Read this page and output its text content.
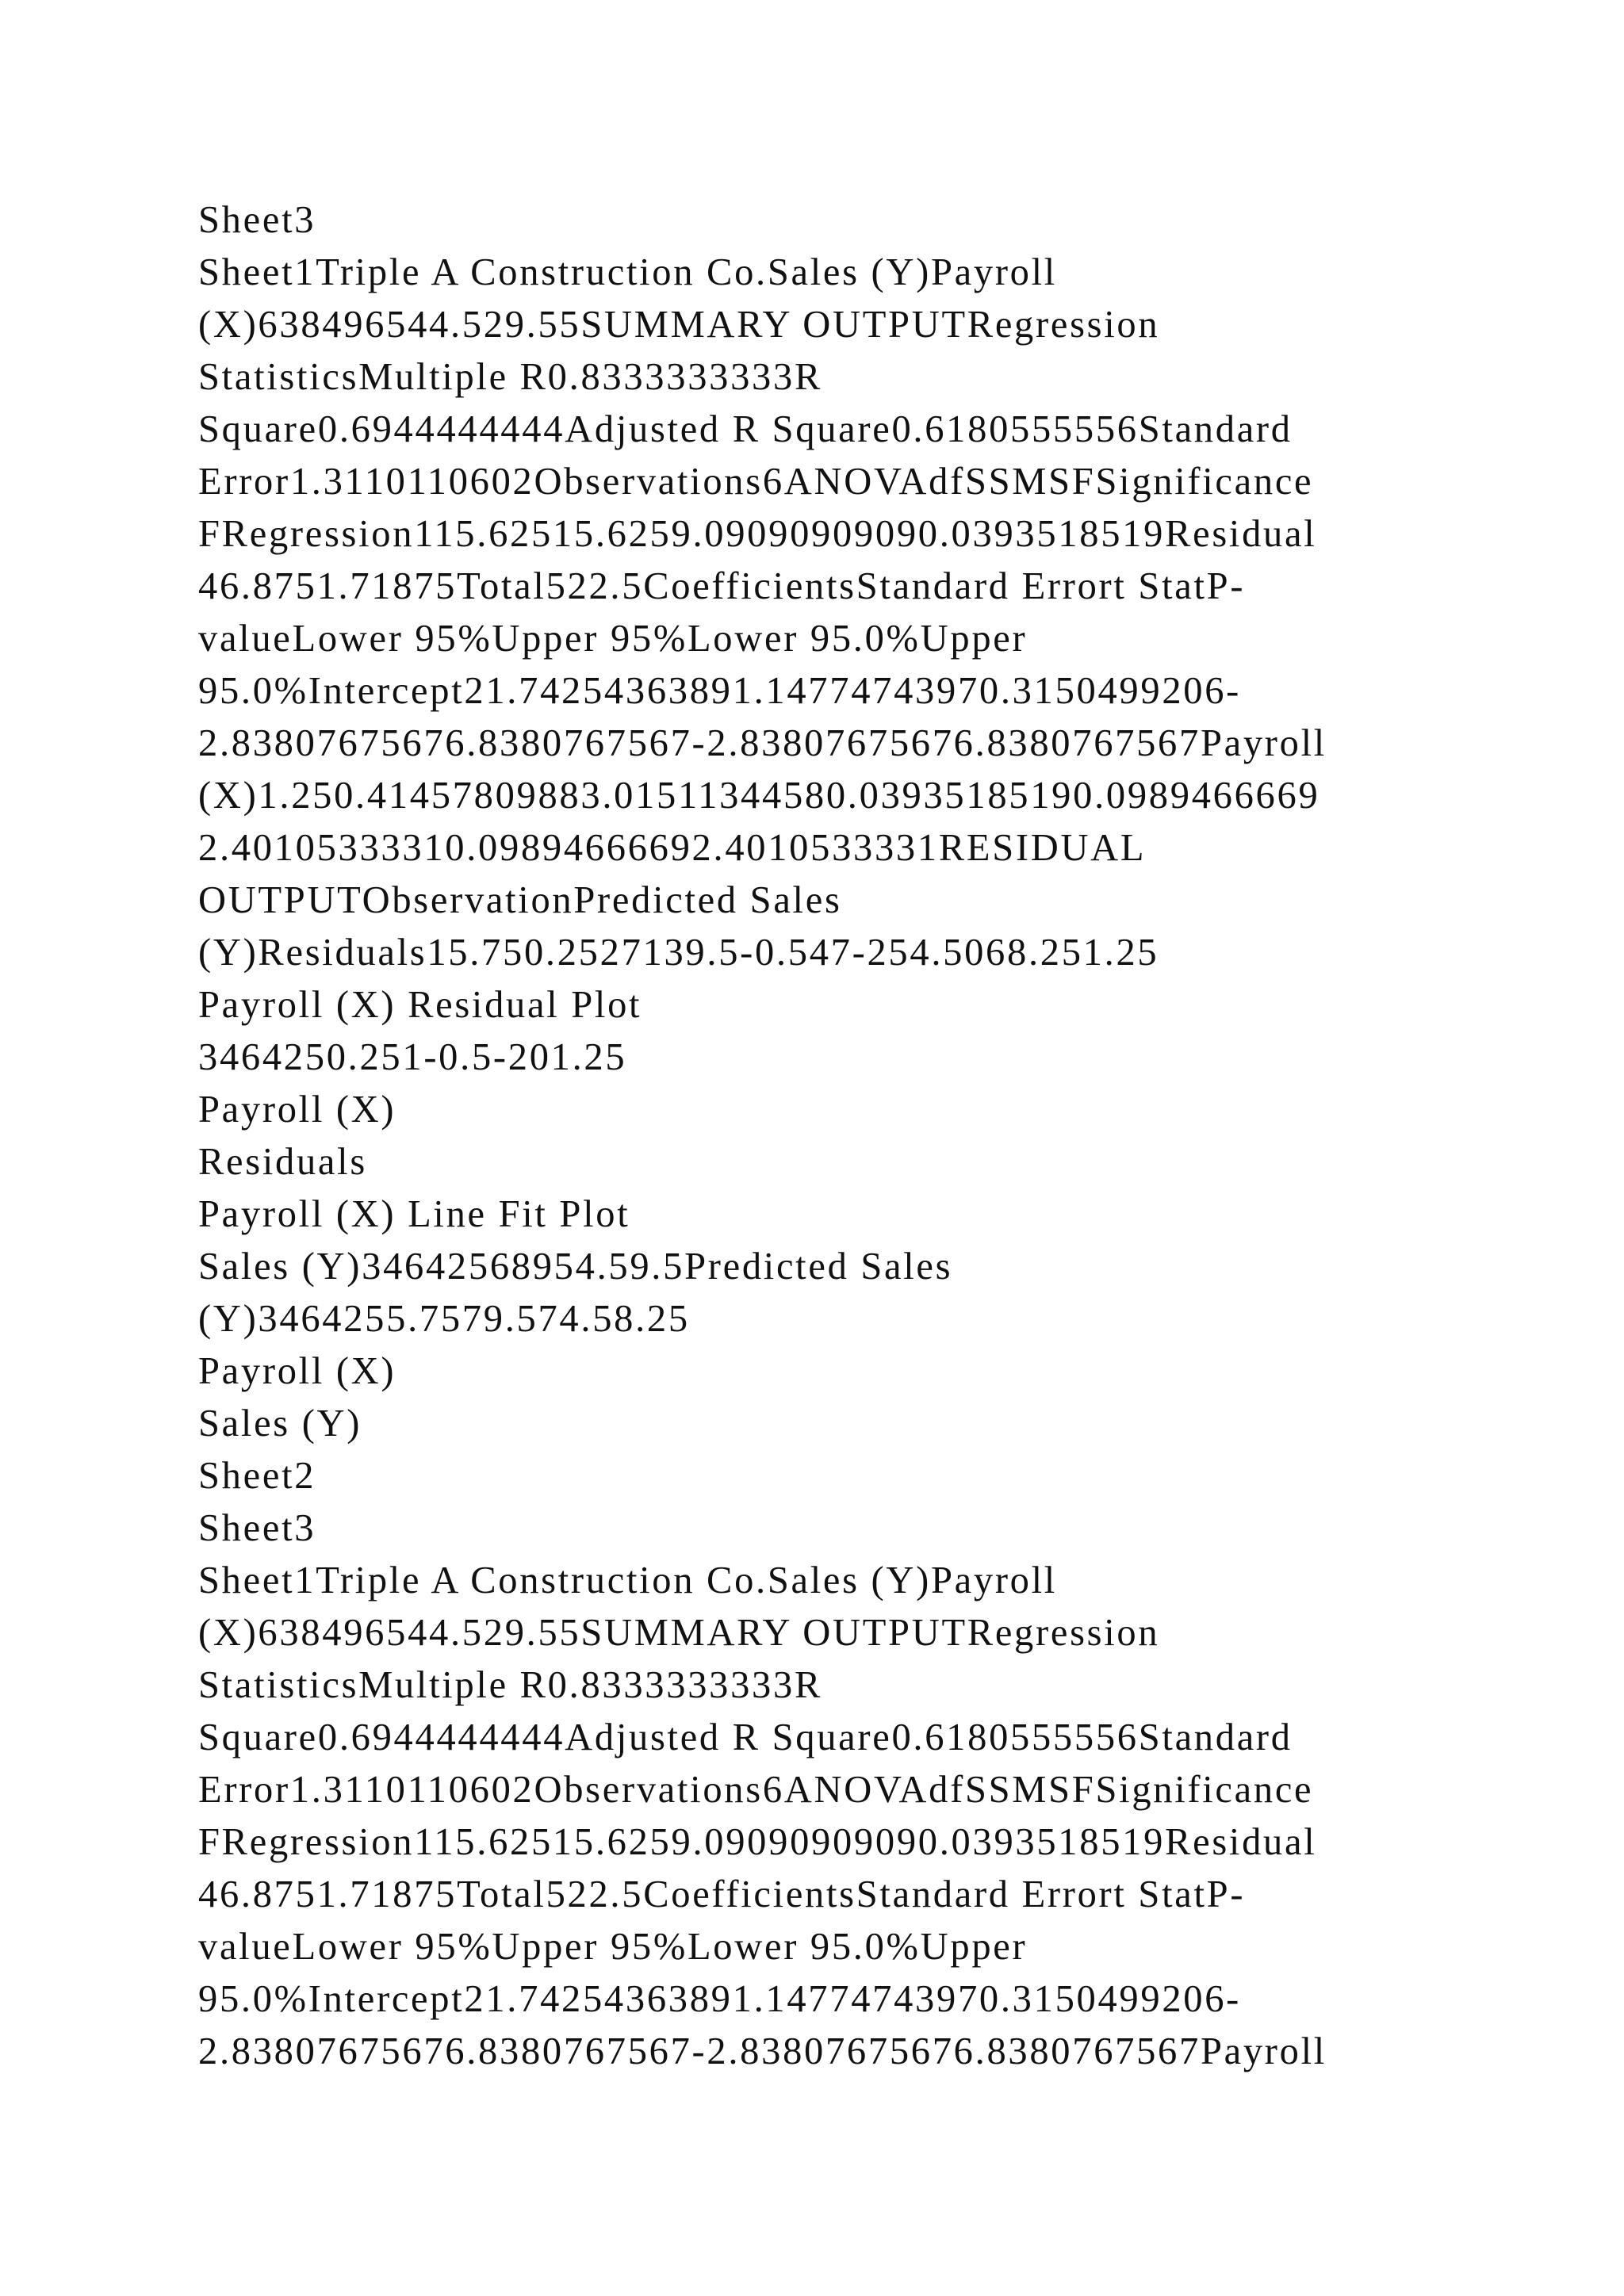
Sheet3
Sheet1Triple A Construction Co.Sales (Y)Payroll
(X)638496544.529.55SUMMARY OUTPUTRegression
StatisticsMultiple R0.8333333333R
Square0.6944444444Adjusted R Square0.6180555556Standard
Error1.3110110602Observations6ANOVAdfSSMSFSignificance
FRegression115.62515.6259.09090909090.0393518519Residual
46.8751.71875Total522.5CoefficientsStandard Errort StatP-
valueLower 95%Upper 95%Lower 95.0%Upper
95.0%Intercept21.74254363891.14774743970.3150499206-
2.83807675676.8380767567-2.83807675676.8380767567Payroll
(X)1.250.41457809883.01511344580.03935185190.0989466669
2.40105333310.09894666692.4010533331RESIDUAL
OUTPUTObservationPredicted Sales
(Y)Residuals15.750.2527139.5-0.547-254.5068.251.25
Payroll (X) Residual Plot
3464250.251-0.5-201.25
Payroll (X)
Residuals
Payroll (X) Line Fit Plot
Sales (Y)34642568954.59.5Predicted Sales
(Y)3464255.7579.574.58.25
Payroll (X)
Sales (Y)
Sheet2
Sheet3
Sheet1Triple A Construction Co.Sales (Y)Payroll
(X)638496544.529.55SUMMARY OUTPUTRegression
StatisticsMultiple R0.8333333333R
Square0.6944444444Adjusted R Square0.6180555556Standard
Error1.3110110602Observations6ANOVAdfSSMSFSignificance
FRegression115.62515.6259.09090909090.0393518519Residual
46.8751.71875Total522.5CoefficientsStandard Errort StatP-
valueLower 95%Upper 95%Lower 95.0%Upper
95.0%Intercept21.74254363891.14774743970.3150499206-
2.83807675676.8380767567-2.83807675676.8380767567Payroll
